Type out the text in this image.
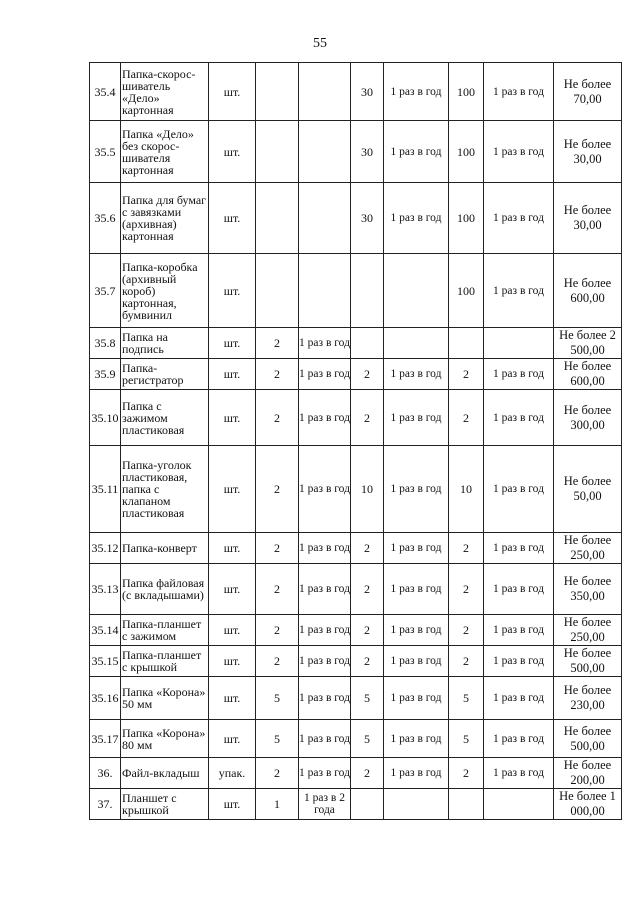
55
35.4	Папка-скорос-шиватель «Дело» картонная	шт.			30	1 раз в год	100	1 раз в год	Не более 70,00
35.5	Папка «Дело» без скорос-шивателя картонная	шт.			30	1 раз в год	100	1 раз в год	Не более 30,00
35.6	Папка для бумаг с завязками (архивная) картонная	шт.			30	1 раз в год	100	1 раз в год	Не более 30,00
35.7	Папка-коробка (архивный короб) картонная, бумвинил	шт.					100	1 раз в год	Не более 600,00
35.8	Папка на подпись	шт.	2	1 раз в год					Не более 2 500,00
35.9	Папка-регистратор	шт.	2	1 раз в год	2	1 раз в год	2	1 раз в год	Не более 600,00
35.10	Папка с зажимом пластиковая	шт.	2	1 раз в год	2	1 раз в год	2	1 раз в год	Не более 300,00
35.11	Папка-уголок пластиковая, папка с клапаном пластиковая	шт.	2	1 раз в год	10	1 раз в год	10	1 раз в год	Не более 50,00
35.12	Папка-конверт	шт.	2	1 раз в год	2	1 раз в год	2	1 раз в год	Не более 250,00
35.13	Папка файловая (с вкладышами)	шт.	2	1 раз в год	2	1 раз в год	2	1 раз в год	Не более 350,00
35.14	Папка-планшет с зажимом	шт.	2	1 раз в год	2	1 раз в год	2	1 раз в год	Не более 250,00
35.15	Папка-планшет с крышкой	шт.	2	1 раз в год	2	1 раз в год	2	1 раз в год	Не более 500,00
35.16	Папка «Корона» 50 мм	шт.	5	1 раз в год	5	1 раз в год	5	1 раз в год	Не более 230,00
35.17	Папка «Корона» 80 мм	шт.	5	1 раз в год	5	1 раз в год	5	1 раз в год	Не более 500,00
36.	Файл-вкладыш	упак.	2	1 раз в год	2	1 раз в год	2	1 раз в год	Не более 200,00
37.	Планшет с крышкой	шт.	1	1 раз в 2 года					Не более 1 000,00
